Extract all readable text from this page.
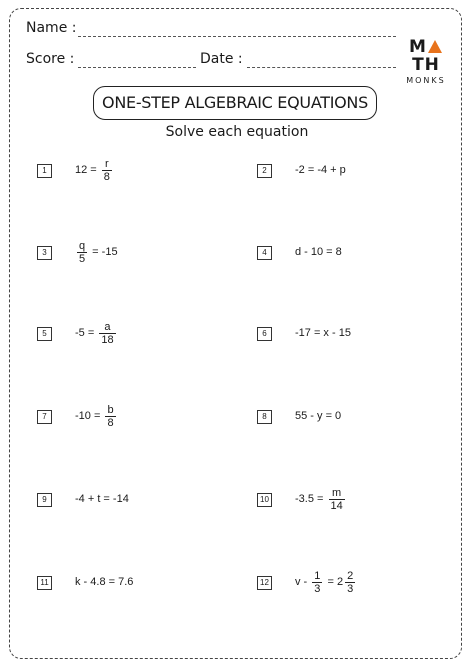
Name :
Score :	Date :
MTH
MONKS
ONE-STEP ALGEBRAIC EQUATIONS
Solve each equation
1	$12 = \frac{r}{8}$	2	-2 = -4 + p
3	$\frac{q}{5} = -15$	4	d - 10 = 8
5	$-5 = \frac{a}{18}$	6	-17 = x - 15
7	$-10 = \frac{b}{8}$	8	55 - y = 0
9	-4 + t = -14	10 $-3.5 = \frac{m}{14}$
11	k - 4.8 = 7.6	12 $v - \frac{1}{3} = 2 \frac{2}{3}$
